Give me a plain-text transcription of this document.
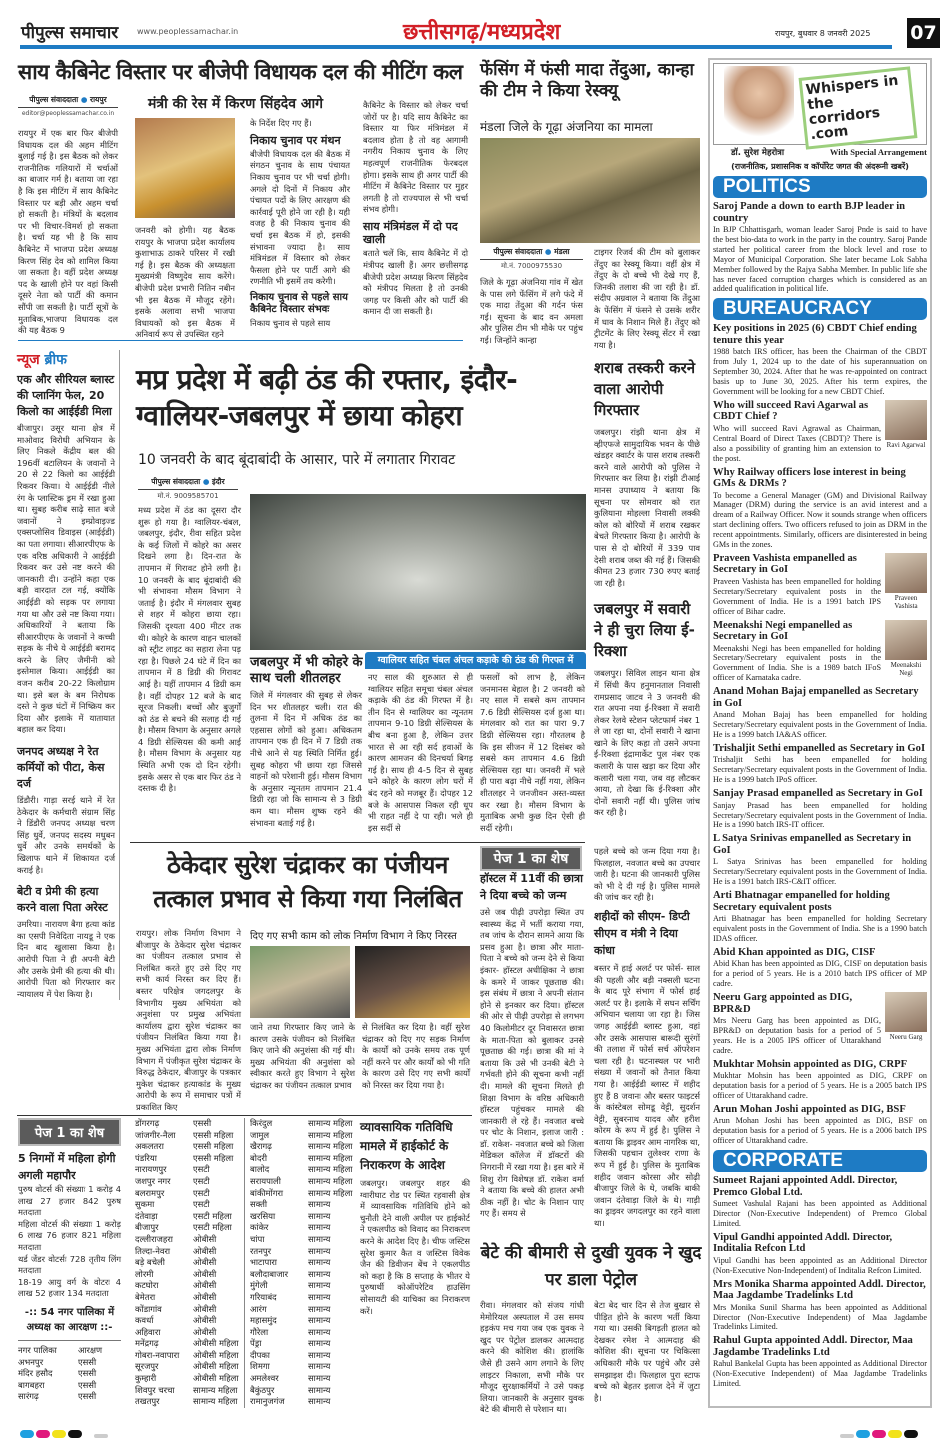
पीपुल्स समाचार www.peoplessamachar.in	छत्तीसगढ़/मध्यप्रदेश	रायपुर, बुधवार 8 जनवरी 2025 07
साय कैबिनेट विस्तार पर बीजेपी विधायक दल की मीटिंग कल
पीपुल्स संवाददाता ● रायपुर
editor@peoplessamachar.co.in
मंत्री की रेस में किरण सिंहदेव आगे
रायपुर में एक बार फिर बीजेपी विधायक दल की अहम मीटिंग बुलाई गई है। इस बैठक को लेकर राजनीतिक गलियारों में चर्चाओं का बाजार गर्म है। बताया जा रहा है कि इस मीटिंग में साय कैबिनेट विस्तार पर बड़ी और अहम चर्चा हो सकती है। मंत्रियों के बदलाव पर भी विचार-विमर्श हो सकता है। चर्चा यह भी है कि साय कैबिनेट में भाजपा प्रदेश अध्यक्ष किरण सिंह देव को शामिल किया जा सकता है। वहीं प्रदेश अध्यक्ष पद के खाली होने पर वहां किसी दूसरे नेता को पार्टी की कमान सौंपी जा सकती है। पार्टी सूत्रों के मुताबिक,भाजपा विधायक दल की यह बैठक 9
जनवरी को होगी। यह बैठक रायपुर के भाजपा प्रदेश कार्यालय कुशाभाऊ ठाकरे परिसर में रखी गई है। इस बैठक की अध्यक्षता मुख्यमंत्री विष्णुदेव साय करेंगे। बीजेपी प्रदेश प्रभारी नितिन नबीन भी इस बैठक में मौजूद रहेंगे। इसके अलावा सभी भाजपा विधायकों को इस बैठक में अनिवार्य रूप से उपस्थित रहने
के निर्देश दिए गए हैं।
निकाय चुनाव पर मंथन
बीजेपी विधायक दल की बैठक में संगठन चुनाव के साथ पंचायत निकाय चुनाव पर भी चर्चा होगी। अगले दो दिनों में निकाय और पंचायत पदों के लिए आरक्षण की कार्रवाई पूरी होने जा रही है। यही वजह है की निकाय चुनाव की चर्चा इस बैठक में हो, इसकी संभावना ज्यादा है। साय मंत्रिमंडल में विस्तार को लेकर फैसला होने पर पार्टी आगे की रणनीति भी इसमें तय करेगी।
निकाय चुनाव से पहले साय कैबिनेट विस्तार संभवः
निकाय चुनाव से पहले साय
कैबिनेट के विस्तार को लेकर चर्चा जोरों पर है। यदि साय कैबिनेट का विस्तार या फिर मंत्रिमंडल में बदलाव होता है तो वह आगामी नगरीय निकाय चुनाव के लिए महत्वपूर्ण राजनीतिक फेरबदल होगा। इसके साथ ही अगर पार्टी की मीटिंग में कैबिनेट विस्तार पर मुहर लगती है तो राज्यपाल से भी चर्चा संभव होगी।
साय मंत्रिमंडल में दो पद खाली
बताते चलें कि, साय कैबिनेट में दो मंत्रीपद खाली हैं। अगर छत्तीसगढ़ बीजेपी प्रदेश अध्यक्ष किरण सिंहदेव को मंत्रीपद मिलता है तो उनकी जगह पर किसी और को पार्टी की कमान दी जा सकती है।
फेंसिंग में फंसी मादा तेंदुआ, कान्हा की टीम ने किया रेस्क्यू
मंडला जिले के गूढ़ा अंजनिया का मामला
पीपुल्स संवाददाता ● मंडला
मो.नं. 7000975530
जिले के गूढ़ा अंजनिया गांव में खेत के पास लगे फेंसिंग में लगे फंदे में एक मादा तेंदुआ की गर्दन फंस गई। सूचना के बाद वन अमला और पुलिस टीम भी मौके पर पहुंच गई। जिन्होंने कान्हा
टाइगर रिजर्व की टीम को बुलाकर तेंदुए का रेस्क्यू किया। वहीं क्षेत्र में तेंदुए के दो बच्चे भी देखे गए हैं, जिनकी तलाश की जा रही है। डॉ. संदीप अग्रवाल ने बताया कि तेंदुआ के फेंसिंग में फंसने से उसके शरीर में घाव के निशान मिले हैं। तेंदुए को ट्रीटमेंट के लिए रेस्क्यू सेंटर में रखा गया है।
न्यूज ब्रीफ
एक और सीरियल ब्लास्ट की प्लानिंग फेल, 20 किलो का आईईडी मिला
बीजापुर। उसूर थाना क्षेत्र में माओवाद विरोधी अभियान के लिए निकले केंद्रीय बल की 196वीं बटालियन के जवानों ने 20 से 22 किलो का आईईडी रिकवर किया। ये आईईडी नीले रंग के प्लास्टिक ड्रम में रखा हुआ था। सुबह करीब साढ़े सात बजे जवानों ने इम्प्रोवाइज्ड एक्सप्लोसिव डिवाइस (आईईडी) का पता लगाया। सीआरपीएफ के एक वरिष्ठ अधिकारी ने आईईडी रिकवर कर उसे नष्ट करने की जानकारी दी। उन्होंने कहा एक बड़ी वारदात टल गई, क्योंकि आईईडी को सड़क पर लगाया गया था और उसे नष्ट किया गया। अधिकारियों ने बताया कि सीआरपीएफ के जवानों ने कच्ची सड़क के नीचे ये आईईडी बरामद करने के लिए जैमीनी को इस्तेमाल किया। आईईडी का वजन करीब 20-22 किलोग्राम था। इसे बल के बम निरोधक दस्ते ने कुछ घंटों में निष्क्रिय कर दिया और इलाके में यातायात बहाल कर दिया।
जनपद अध्यक्ष ने रेत कर्मियों को पीटा, केस दर्ज
डिंडौरी। गाड़ा सरई थाने में रेत ठेकेदार के कर्मचारी संग्राम सिंह ने डिंडौरी जनपद अध्यक्ष चरण सिंह धुर्वे, जनपद सदस्य मधुबन धुर्वे और उनके समर्थकों के खिलाफ थाने में शिकायत दर्ज कराई है।
बेटी व प्रेमी की हत्या करने वाला पिता अरेस्ट
उमरिया। नारायण बैगा हत्या कांड का एसपी निवेदिता नायडू ने एक दिन बाद खुलासा किया है। आरोपी पिता ने ही अपनी बेटी और उसके प्रेमी की हत्या की थी। आरोपी पिता को गिरफ्तार कर न्यायालय में पेश किया है।
मप्र प्रदेश में बढ़ी ठंड की रफ्तार, इंदौर-ग्वालियर-जबलपुर में छाया कोहरा
10 जनवरी के बाद बूंदाबांदी के आसार, पारे में लगातार गिरावट
पीपुल्स संवाददाता ● इंदौर
मो.नं. 9009585701
मध्य प्रदेश में ठंड का दूसरा दौर शुरू हो गया है। ग्वालियर-चंबल, जबलपुर, इंदौर, रीवा सहित प्रदेश के कई जिलों में कोहरे का असर दिखने लगा है। दिन-रात के तापमान में गिरावट होने लगी है। 10 जनवरी के बाद बूंदाबांदी की भी संभावना मौसम विभाग ने जताई है। इंदौर में मंगलवार सुबह से शहर में कोहरा छाया रहा। जिसकी दृश्यता 400 मीटर तक थी। कोहरे के कारण वाहन चालकों को स्ट्रीट लाइट का सहारा लेना पड़ रहा है। पिछले 24 घंटे में दिन का तापमान में 8 डिग्री की गिरावट आई है। यहीं तापमान 4 डिग्री कम है। वहीं दोपहर 12 बजे के बाद सूरज निकली। बच्चों और बुजुर्गों को ठंड से बचने की सलाह दी गई है। मौसम विभाग के अनुसार अगले 4 डिग्री सेल्सियस की कमी आई है। मौसम विभाग के अनुसार यह स्थिति अभी एक दो दिन रहेगी। इसके असर से एक बार फिर ठंड ने दस्तक दी है।
जबलपुर में भी कोहरे के साथ चली शीतलहर
जिले में मंगलवार की सुबह से लेकर दिन भर शीतलहर चली। रात की तुलना में दिन में अधिक ठंड का एहसास लोगों को हुआ। अधिकतम तापमान एक ही दिन में 7 डिग्री तक नीचे आने से यह स्थिति निर्मित हुई। सुबह कोहरा भी छाया रहा जिससे वाहनों को परेशानी हुई। मौसम विभाग के अनुसार न्यूनतम तापमान 21.4 डिग्री रहा जो कि सामान्य से 3 डिग्री कम था। मौसम शुष्क रहने की संभावना बताई गई है।
ग्वालियर सहित चंबल अंचल कड़ाके की ठंड की गिरफ्त में
नए साल की शुरुआत से ही ग्वालियर सहित समूचा चंबल अंचल कड़ाके की ठंड की गिरफ्त में है। तीन दिन से ग्वालियर का न्यूनतम तापमान 9-10 डिग्री सेल्सियस के बीच बना हुआ है, लेकिन उत्तर भारत से आ रही सर्द हवाओं के कारण आमजन की दिनचर्या बिगड़ गई है। साथ ही 4-5 दिन से सुबह घने कोहरे के कारण लोग घरों में बंद रहने को मजबूर हैं। दोपहर 12 बजे के आसपास निकल रही धूप भी राहत नहीं दे पा रही। भले ही इस सर्दी से
फसलों को लाभ है, लेकिन जनमानस बेहाल है। 2 जनवरी को नए साल में सबसे कम तापमान 7.6 डिग्री सेल्सियस दर्ज हुआ था। मंगलवार को रात का पारा 9.7 डिग्री सेल्सियस रहा। गौरतलब है कि इस सीजन में 12 दिसंबर को सबसे कम तापमान 4.6 डिग्री सेल्सियस रहा था। जनवरी में भले ही पारा बढ़ा नीचे नहीं गया, लेकिन शीतलहर ने जनजीवन अस्त-व्यस्त कर रखा है। मौसम विभाग के मुताबिक अभी कुछ दिन ऐसी ही सर्दी रहेगी।
शराब तस्करी करने वाला आरोपी गिरफ्तार
जबलपुर। रांझी थाना क्षेत्र में व्हीएफजे सामुदायिक भवन के पीछे खंडहर क्वार्टर के पास शराब तस्करी करने वाले आरोपी को पुलिस ने गिरफ्तार कर लिया है। रांझी टीआई मानस उपाध्याय ने बताया कि सूचना पर सोमवार को रात कुलियाना मोहल्ला निवासी लक्की कोल को बोरियों में शराब रखकर बेचते गिरफ्तार किया है। आरोपी के पास से दो बोरियों में 339 पाव देसी शराब जब्त की गई हैं। जिसकी कीमत 23 हजार 730 रुपए बताई जा रही है।
जबलपुर में सवारी ने ही चुरा लिया ई-रिक्शा
जबलपुर। सिविल लाइन थाना क्षेत्र में सिंधी कैंप हनुमानताल निवासी रामप्रसाद जाटव ने 3 जनवरी की रात अपना नया ई-रिक्शा में सवारी लेकर रेलवे स्टेशन प्लेटफार्म नंबर 1 ले जा रहा था, दोनों सवारी ने खाना खाने के लिए कहा तो उसने अपना ई-रिक्शा इंद्रामार्केट पुल नंबर एक कलारी के पास खड़ा कर दिया और कलारी चला गया, जब वह लौटकर आया, तो देखा कि ई-रिक्शा और दोनों सवारी नहीं थी। पुलिस जांच कर रही है।
ठेकेदार सुरेश चंद्राकर का पंजीयन तत्काल प्रभाव से किया गया निलंबित
रायपुर। लोक निर्माण विभाग ने बीजापुर के ठेकेदार सुरेश चंद्राकर का पंजीयन तत्काल प्रभाव से निलंबित करते हुए उसे दिए गए सभी कार्य निरस्त कर दिए हैं। बस्तर परिक्षेत्र जगदलपुर के विभागीय मुख्य अभियंता को अनुशंसा पर प्रमुख अभियंता कार्यालय द्वारा सुरेश चंद्राकर का पंजीयन निलंबित किया गया है। मुख्य अभियंता द्वारा लोक निर्माण विभाग में पंजीकृत सुरेश चंद्राकर के विरुद्ध ठेकेदार, बीजापुर के पत्रकार मुकेश चंद्राकर हत्याकांड के मुख्य आरोपी के रूप में समाचार पत्रों में प्रकाशित किए
दिए गए सभी काम को लोक निर्माण विभाग ने किए निरस्त
जाने तथा गिरफ्तार किए जाने के कारण उसके पंजीयन को निलंबित किए जाने की अनुशंसा की गई थी। मुख्य अभियंता की अनुशंसा को स्वीकार करते हुए विभाग ने सुरेश चंद्राकर का पंजीयन तत्काल प्रभाव
से निलंबित कर दिया है। वहीं सुरेश चंद्राकर को दिए गए सड़क निर्माण के कार्यों को उनके समय तक पूर्ण नहीं करने पर और कार्यों को भी गति के कारण उसे दिए गए सभी कार्यों को निरस्त कर दिया गया है।
पेज 1 का शेष
हॉस्टल में 11वीं की छात्रा ने दिया बच्चे को जन्म
उसे जब पीढ़ी उपरोड़ा स्थित उप स्वास्थ्य केंद्र में भर्ती कराया गया, तब जांच के दौरान सामने आया कि प्रसव हुआ है। छात्रा और माता-पिता ने बच्चे को जन्म देने से किया इंकार- हॉस्टल अधीक्षिका ने छात्रा के कमरे में जाकर पूछताछ की। इस संबंध में छात्रा ने अपनी संतान होने से इनकार कर दिया। हॉस्टल की ओर से पीढ़ी उपरोड़ा से लगभग 40 किलोमीटर दूर निवासरत छात्रा के माता-पिता को बुलाकर उनसे पूछताछ की गई। छात्रा की मां ने बताया कि उसे भी उनकी बेटी ने गर्भवती होने की सूचना कभी नहीं दी। मामले की सूचना मिलते ही शिक्षा विभाग के वरिष्ठ अधिकारी हॉस्टल पहुंचकर मामले की जानकारी ले रहे हैं। नवजात बच्चे पर चोट के निशान, इलाज जारी : डॉ. राकेश- नवजात बच्चे को जिला मेडिकल कॉलेज में डॉक्टरों की निगरानी में रखा गया है। इस बारे में शिशु रोग विशेषज्ञ डॉ. राकेश वर्मा ने बताया कि बच्चे की हालत अभी ठीक नहीं है। चोट के निशान पाए गए हैं। समय से
पहले बच्चे को जन्म दिया गया है। फिलहाल, नवजात बच्चे का उपचार जारी है। घटना की जानकारी पुलिस को भी दे दी गई है। पुलिस मामले की जांच कर रही है।
शहीदों को सीएम- डिप्टी सीएम व मंत्री ने दिया कांधा
बस्तर में हाई अलर्ट पर फोर्स- साल की पहली और बड़ी नक्सली घटना के बाद पूरे संभाग में फोर्स हाई अलर्ट पर है। इलाके में सघन सर्चिंग अभियान चलाया जा रहा है। जिस जगह आईईडी ब्लास्ट हुआ, वहां और उसके आसपास बारूदी सुरंगों की तलाश में फोर्स सर्च ऑपरेशन चला रही है। घटनास्थल पर भारी संख्या में जवानों को तैनात किया गया है। आईईडी ब्लास्ट में शहीद हुए हैं 8 जवानः और बस्तर फाइटर्स के कांस्टेबल सोमडू वेट्टी, सुदर्शन वेट्टी, सुबरनाथ यादव और हरीश कोरम के रूप में हुई है। पुलिस ने बताया कि ड्राइवर आम नागरिक था, जिसकी पहचान तुलेश्वर राणा के रूप में हुई है। पुलिस के मुताबिक शहीद जवान कोरसा और सोढ़ी बीजापुर जिले के थे, जबकि बाकी जवान दंतेवाड़ा जिले के थे। गाड़ी का ड्राइवर जगदलपुर का रहने वाला था।
पेज 1 का शेष
5 निगमों में महिला होगी अगली महापौर
पुरुष वोटर्स की संख्याः 1 करोड़ 4 लाख 27 हजार 842 पुरुष मतदाता
महिला वोटर्स की संख्याः 1 करोड़ 6 लाख 76 हजार 821 महिला मतदाता
थर्ड जेंडर वोटर्सः 728 तृतीय लिंग मतदाता
18-19 आयु वर्ग के वोटरः 4 लाख 52 हजार 134 मतदाता
-:: 54 नगर पालिका में अध्यक्ष का आरक्षण ::-
नगर पालिका	आरक्षण
अभनपुर	एससी
मंदिर हसौद	एससी
बागबहरा	एससी
सारंगढ़	एससी
डोंगरगढ़	एससी
जांजगीर-नैला	एससी महिला
अकलतरा	एससी महिला
पंडरिया	एससी महिला
नारायणपुर	एसटी
जशपुर नगर	एसटी
बलरामपुर	एसटी
सुकमा	एसटी
दंतेवाड़ा	एसटी महिला
बीजापुर	एसटी महिला
दल्लीराजहरा	ओबीसी
तिल्दा-नेवरा	ओबीसी
बड़े बचेली	ओबीसी
लोरमी	ओबीसी
कटघोरा	ओबीसी
बेमेतरा	ओबीसी
कोंडागांव	ओबीसी
कवर्धा	ओबीसी
अहिवारा	ओबीसी
मनेंद्रगढ़	ओबीसी महिला
गोबरा-नवापारा	ओबीसी महिला
सूरजपुर	ओबीसी महिला
कुम्हारी	ओबीसी महिला
शिवपुर चरचा	सामान्य महिला
तखतपुर	सामान्य महिला
किरंदुल	सामान्य महिला
जामुल	सामान्य महिला
खैरागढ़	सामान्य महिला
बोदरी	सामान्य महिला
बालोद	सामान्य महिला
सरायपाली	सामान्य महिला
बांकीमोंगरा	सामान्य महिला
सक्ती	सामान्य
खरसिया	सामान्य
कांकेर	सामान्य
चांपा	सामान्य
रतनपुर	सामान्य
भाटापारा	सामान्य
बलौदाबाजार	सामान्य
मुंगेली	सामान्य
गरियाबंद	सामान्य
आरंग	सामान्य
महासमुंद	सामान्य
गौरेला	सामान्य
पेंड्रा	सामान्य
दीपका	सामान्य
शिमगा	सामान्य
अमलेश्वर	सामान्य
बैकुंठपुर	सामान्य
रामानुजगंज	सामान्य
व्यावसायिक गतिविधि मामले में हाईकोर्ट के निराकरण के आदेश
जबलपुर। जबलपुर शहर की ग्वारीघाट रोड पर स्थित रहवासी क्षेत्र में व्यावसायिक गतिविधि होने को चुनौती देने वाली अपील पर हाईकोर्ट ने एकलपीठ को विवाद का निराकरण करने के आदेश दिए है। चीफ जस्टिस सुरेश कुमार कैत व जस्टिस विवेक जैन की डिवीजन बेंच ने एकलपीठ को कहा है कि 8 सप्ताह के भीतर ये पुरुषार्थी कोऑपरेटिव हाउसिंग सोसायटी की याचिका का निराकरण करें।
बेटे की बीमारी से दुखी युवक ने खुद पर डाला पेट्रोल
रीवा। मंगलवार को संजय गांधी मेमोरियल अस्पताल में उस समय हड़कंप मच गया जब एक युवक ने खुद पर पेट्रोल डालकर आत्मदाह करने की कोशिश की। हालांकि जैसे ही उसने आग लगाने के लिए लाइटर निकाला, सभी मौके पर मौजूद सुरक्षाकर्मियों ने उसे पकड़ लिया। जानकारी के अनुसार युवक बेटे की बीमारी से परेशान था।
बेटा बेद चार दिन से तेज बुखार से पीड़ित होने के कारण भर्ती किया गया था। उसकी बिगड़ती हालत को देखकर रमेश ने आत्मदाह की कोशिश की। सूचना पर चिकित्सा अधिकारी मौके पर पहुंचे और उसे समझाइश दी। फिलहाल पुरा स्टाफ बच्चे को बेहतर इलाज देने में जुटा है।
Whispers in the corridors .com
डॉ. सुरेश मेहरोत्रा	With Special Arrangement
(राजनीतिक, प्रशासनिक व कॉर्पोरेट जगत की अंदरूनी खबरें)
POLITICS
Saroj Pande a down to earth BJP leader in country
In BJP Chhattisgarh, woman leader Saroj Pnde is said to have the best bio-data to work in the party in the country. Saroj Pande started her political career from the block level and rose to Mayor of Municipal Corporation. She later became Lok Sabha Member followed by the Rajya Sabha Member. In public life she has never faced corruption charges which is considered as an added qualification in political life.
BUREAUCRACY
Key positions in 2025 (6) CBDT Chief ending tenure this year
1988 batch IRS officer, has been the Chairman of the CBDT from July 1, 2024 up to the date of his superannuation on September 30, 2024. After that he was re-appointed on contract basis up to June 30, 2025. After his term expires, the Government will be looking for a new CBDT Chief.
Ravi Agarwal
Who will succeed Ravi Agarwal as CBDT Chief ?
Who will succeed Ravi Agrawal as Chairman, Central Board of Direct Taxes (CBDT)? There is also a possibility of granting him an extension to the post.
Why Railway officers lose interest in being GMs & DRMs ?
To become a General Manager (GM) and Divisional Railway Manager (DRM) during the service is an avid interest and a dream of a Railway Officer. Now it sounds strange when officers start declining offers. Two officers refused to join as DRM in the recent appointments. Similarly, officers are disinterested in being GMs in the zones.
Praveen Vashista
Praveen Vashista empanelled as Secretary in GoI
Praveen Vashista has been empanelled for holding Secretary/Secretary equivalent posts in the Government of India. He is a 1991 batch IPS officer of Bihar cadre.
Meenakshi Negi
Meenakshi Negi empanelled as Secretary in GoI
Meenakshi Negi has been empanelled for holding Secretary/Secretary equivalent posts in the Government of India. She is a 1989 batch IFoS officer of Karnataka cadre.
Anand Mohan Bajaj empanelled as Secretary in GoI
Anand Mohan Bajaj has been empanelled for holding Secretary/Secretary equivalent posts in the Government of India. He is a 1999 batch IA&AS officer.
Trishaljit Sethi empanelled as Secretary in GoI
Trishaljit Sethi has been empanelled for holding Secretary/Secretary equivalent posts in the Government of India. He is a 1999 batch IPoS officer.
Sanjay Prasad empanelled as Secretary in GoI
Sanjay Prasad has been empanelled for holding Secretary/Secretary equivalent posts in the Government of India. He is a 1990 batch IRS-IT officer.
L Satya Srinivas empanelled as Secretary in GoI
L Satya Srinivas has been empanelled for holding Secretary/Secretary equivalent posts in the Government of India. He is a 1991 batch IRS-C&IT officer.
Arti Bhatnagar empanelled for holding Secretary equivalent posts
Arti Bhatnagar has been empanelled for holding Secretary equivalent posts in the Government of India. She is a 1990 batch IDAS officer.
Abid Khan appointed as DIG, CISF
Abid Khan has been appointed as DIG, CISF on deputation basis for a period of 5 years. He is a 2010 batch IPS officer of MP cadre.
Neeru Garg
Neeru Garg appointed as DIG, BPR&D
Mrs Neeru Garg has been appointed as DIG, BPR&D on deputation basis for a period of 5 years. He is a 2005 IPS officer of Uttarakhand cadre.
Mukhtar Mohsin appointed as DIG, CRPF
Mukhtar Mohsin has been appointed as DIG, CRPF on deputation basis for a period of 5 years. He is a 2005 batch IPS officer of Uttarakhand cadre.
Arun Mohan Joshi appointed as DIG, BSF
Arun Mohan Joshi has been appointed as DIG, BSF on deputation basis for a period of 5 years. He is a 2006 batch IPS officer of Uttarakhand cadre.
CORPORATE
Sumeet Rajani appointed Addl. Director, Premco Global Ltd.
Sumeet Vashulal Rajani has been appointed as Additional Director (Non-Executive Independent) of Premco Global Limited.
Vipul Gandhi appointed Addl. Director, Inditalia Refcon Ltd
Vipul Gandhi has been appointed as an Additional Director (Non-Executive Non-Independent) of Inditalia Refcon Limited.
Mrs Monika Sharma appointed Addl. Director, Maa Jagdambe Tradelinks Ltd
Mrs Monika Sunil Sharma has been appointed as Additional Director (Non-Executive Independent) of Maa Jagdambe Tradelinks Limited.
Rahul Gupta appointed Addl. Director, Maa Jagdambe Tradelinks Ltd
Rahul Bankelal Gupta has been appointed as Additional Director (Non-Executive Independent) of Maa Jagdambe Tradelinks Limited.
